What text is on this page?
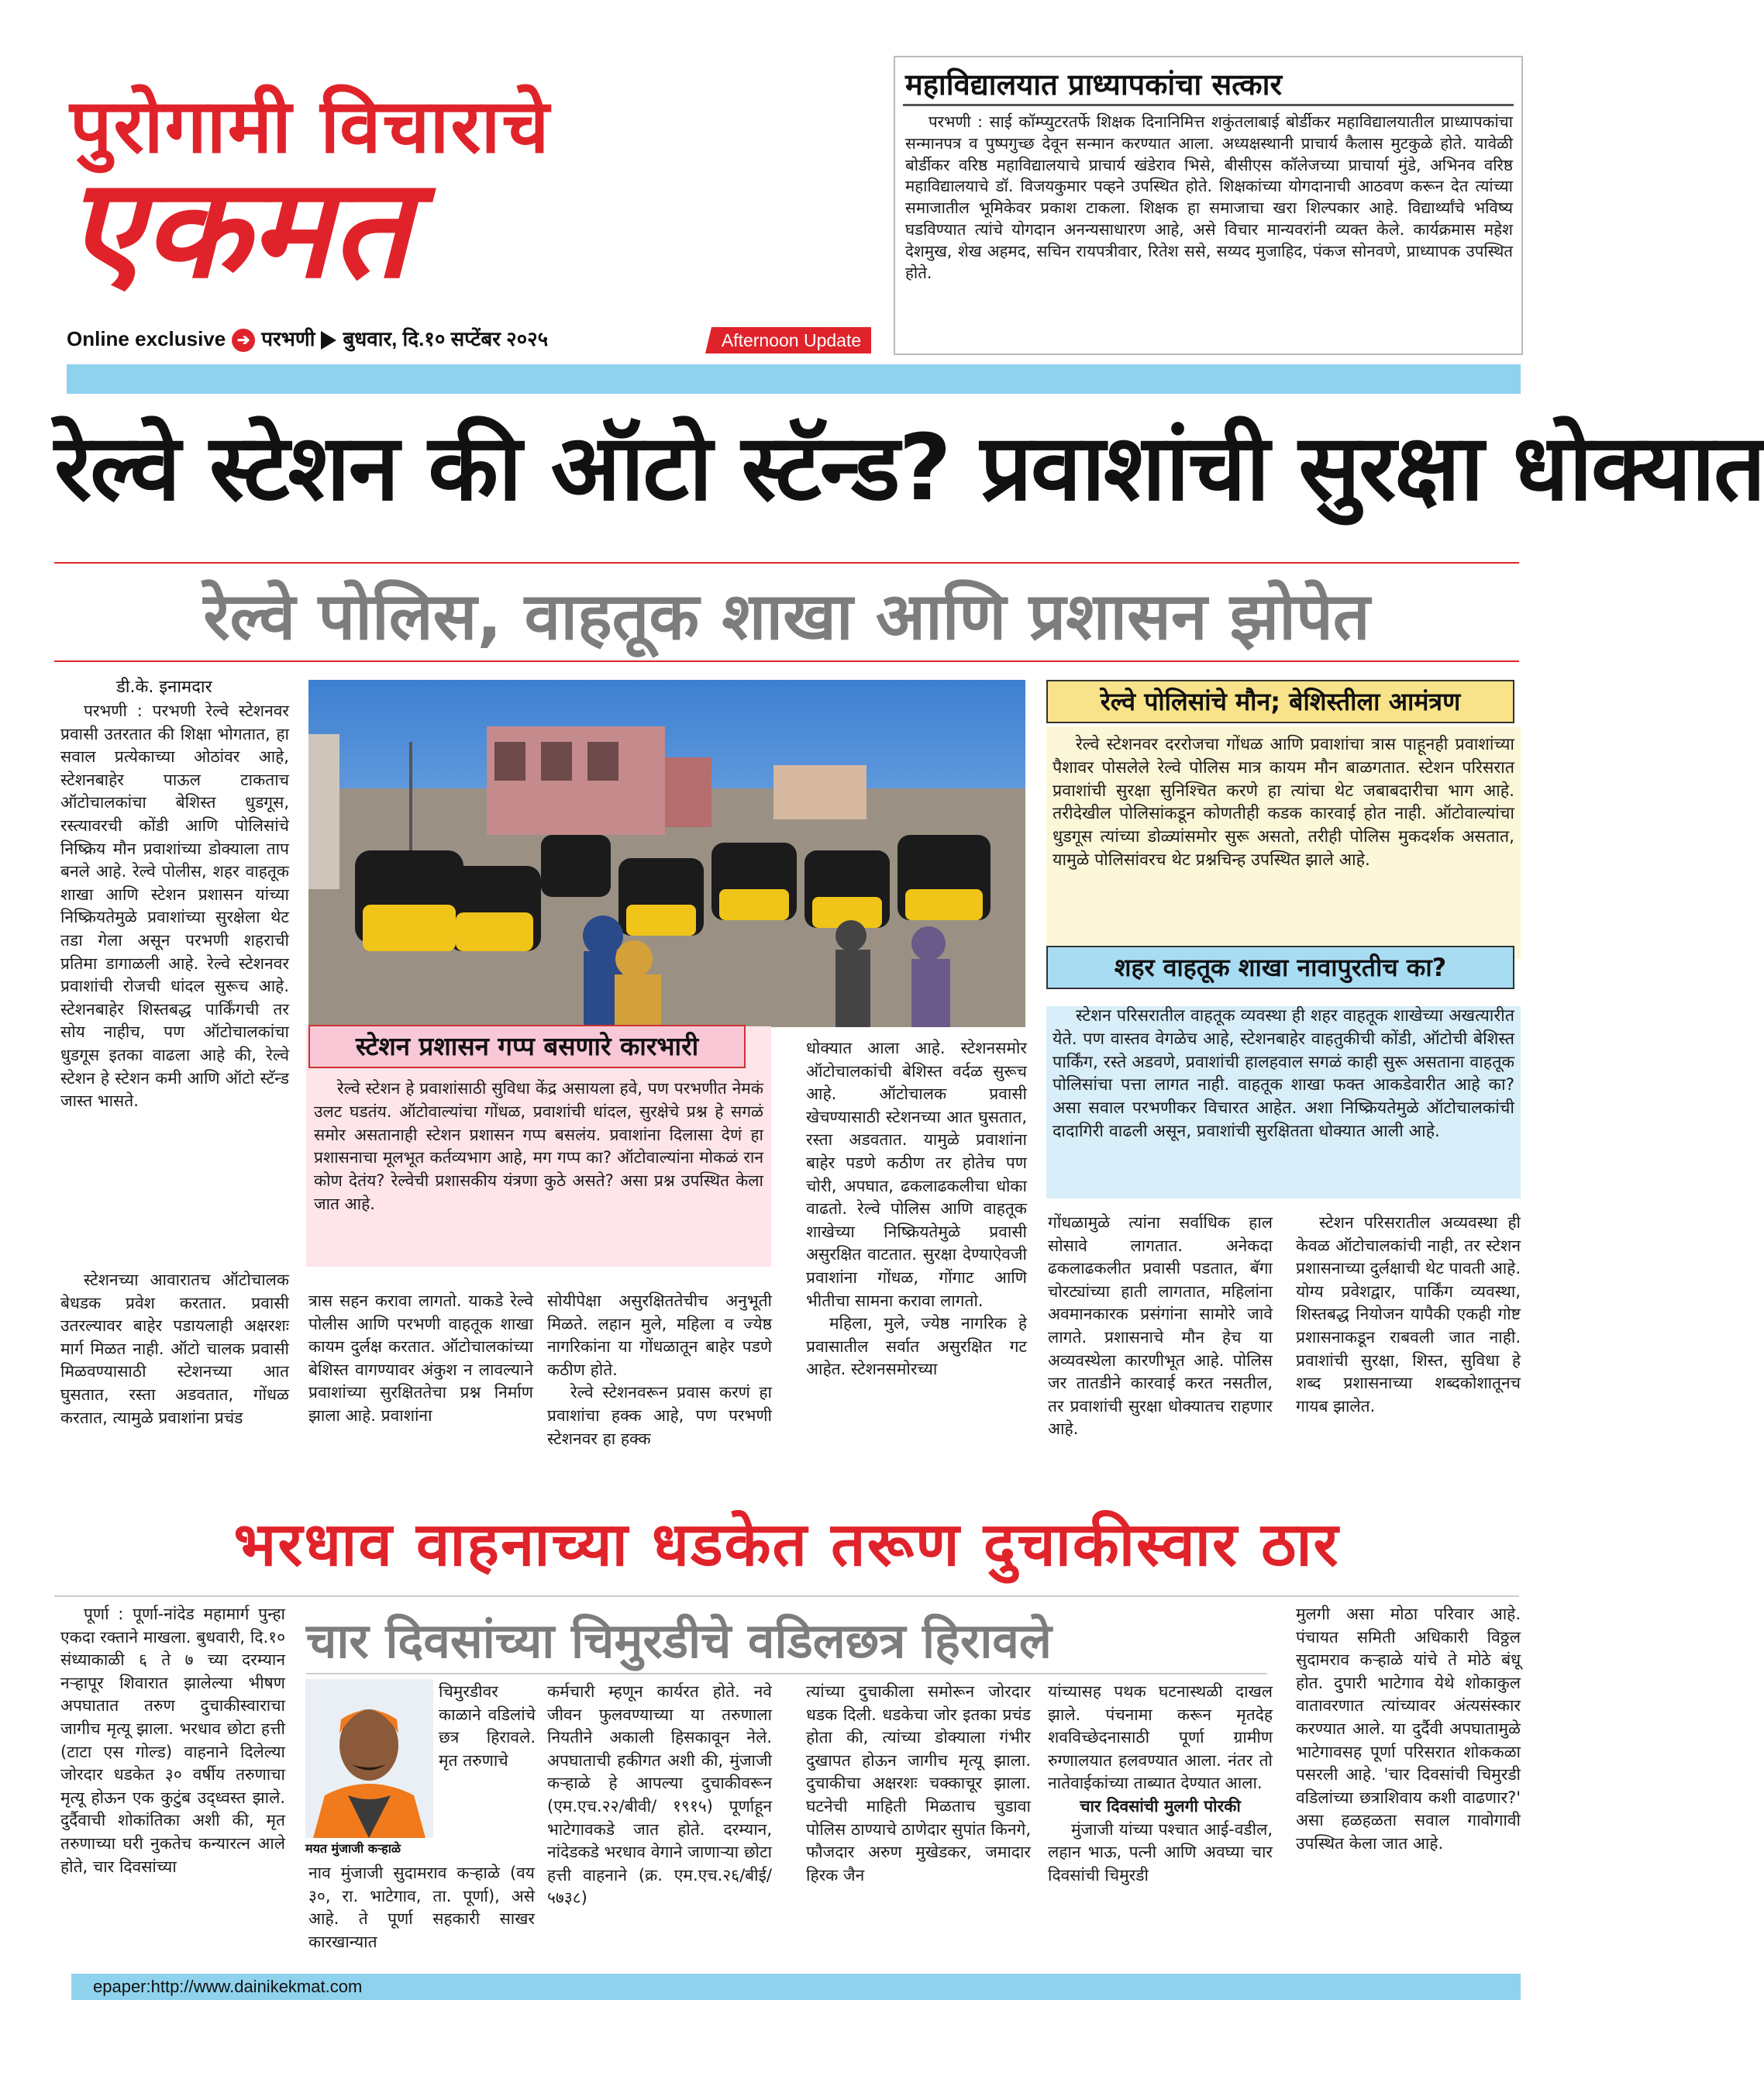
पुरोगामी विचाराचे
एकमत
Online exclusive ➔ परभणी बुधवार, दि.१० सप्टेंबर २०२५	Afternoon Update
महाविद्यालयात प्राध्यापकांचा सत्कार

परभणी : साई कॉम्प्युटरतर्फे शिक्षक दिनानिमित्त शकुंतलाबाई बोर्डीकर महाविद्यालयातील प्राध्यापकांचा सन्मानपत्र व पुष्पगुच्छ देवून सन्मान करण्यात आला. अध्यक्षस्थानी प्राचार्य कैलास मुटकुळे होते. यावेळी बोर्डीकर वरिष्ठ महाविद्यालयाचे प्राचार्य खंडेराव भिसे, बीसीएस कॉलेजच्या प्राचार्या मुंडे, अभिनव वरिष्ठ महाविद्यालयाचे डॉ. विजयकुमार पव्हने उपस्थित होते. शिक्षकांच्या योगदानाची आठवण करून देत त्यांच्या समाजातील भूमिकेवर प्रकाश टाकला. शिक्षक हा समाजाचा खरा शिल्पकार आहे. विद्यार्थ्यांचे भविष्य घडविण्यात त्यांचे योगदान अनन्यसाधारण आहे, असे विचार मान्यवरांनी व्यक्त केले. कार्यक्रमास महेश देशमुख, शेख अहमद, सचिन रायपत्रीवार, रितेश ससे, सय्यद मुजाहिद, पंकज सोनवणे, प्राध्यापक उपस्थित होते.

रेल्वे स्टेशन की ऑटो स्टॅन्ड? प्रवाशांची सुरक्षा धोक्यात
रेल्वे पोलिस, वाहतूक शाखा आणि प्रशासन झोपेत
डी.के. इनामदार

परभणी : परभणी रेल्वे स्टेशनवर प्रवासी उतरतात की शिक्षा भोगतात, हा सवाल प्रत्येकाच्या ओठांवर आहे, स्टेशनबाहेर पाऊल टाकताच ऑटोचालकांचा बेशिस्त धुडगूस, रस्त्यावरची कोंडी आणि पोलिसांचे निष्क्रिय मौन प्रवाशांच्या डोक्याला ताप बनले आहे. रेल्वे पोलीस, शहर वाहतूक शाखा आणि स्टेशन प्रशासन यांच्या निष्क्रियतेमुळे प्रवाशांच्या सुरक्षेला थेट तडा गेला असून परभणी शहराची प्रतिमा डागाळली आहे. रेल्वे स्टेशनवर प्रवाशांची रोजची धांदल सुरूच आहे. स्टेशनबाहेर शिस्तबद्ध पार्किंगची तर सोय नाहीच, पण ऑटोचालकांचा धुडगूस इतका वाढला आहे की, रेल्वे स्टेशन हे स्टेशन कमी आणि ऑटो स्टॅन्ड जास्त भासते.

स्टेशनच्या आवारातच ऑटोचालक बेधडक प्रवेश करतात. प्रवासी उतरल्यावर बाहेर पडायलाही अक्षरशः मार्ग मिळत नाही. ऑटो चालक प्रवासी मिळवण्यासाठी स्टेशनच्या आत घुसतात, रस्ता अडवतात, गोंधळ करतात, त्यामुळे प्रवाशांना प्रचंड

स्टेशन प्रशासन गप्प बसणारे कारभारी

रेल्वे स्टेशन हे प्रवाशांसाठी सुविधा केंद्र असायला हवे, पण परभणीत नेमकं उलट घडतंय. ऑटोवाल्यांचा गोंधळ, प्रवाशांची धांदल, सुरक्षेचे प्रश्न हे सगळं समोर असतानाही स्टेशन प्रशासन गप्प बसलंय. प्रवाशांना दिलासा देणं हा प्रशासनाचा मूलभूत कर्तव्यभाग आहे, मग गप्प का? ऑटोवाल्यांना मोकळं रान कोण देतंय? रेल्वेची प्रशासकीय यंत्रणा कुठे असते? असा प्रश्न उपस्थित केला जात आहे.

त्रास सहन करावा लागतो. याकडे रेल्वे पोलीस आणि परभणी वाहतूक शाखा कायम दुर्लक्ष करतात. ऑटोचालकांच्या बेशिस्त वागण्यावर अंकुश न लावल्याने प्रवाशांच्या सुरक्षिततेचा प्रश्न निर्माण झाला आहे. प्रवाशांना

सोयीपेक्षा असुरक्षिततेचीच अनुभूती मिळते. लहान मुले, महिला व ज्येष्ठ नागरिकांना या गोंधळातून बाहेर पडणे कठीण होते.

रेल्वे स्टेशनवरून प्रवास करणं हा प्रवाशांचा हक्क आहे, पण परभणी स्टेशनवर हा हक्क

धोक्यात आला आहे. स्टेशनसमोर ऑटोचालकांची बेशिस्त वर्दळ सुरूच आहे. ऑटोचालक प्रवासी खेचण्यासाठी स्टेशनच्या आत घुसतात, रस्ता अडवतात. यामुळे प्रवाशांना बाहेर पडणे कठीण तर होतेच पण चोरी, अपघात, ढकलाढकलीचा धोका वाढतो. रेल्वे पोलिस आणि वाहतूक शाखेच्या निष्क्रियतेमुळे प्रवासी असुरक्षित वाटतात. सुरक्षा देण्याऐवजी प्रवाशांना गोंधळ, गोंगाट आणि भीतीचा सामना करावा लागतो.

महिला, मुले, ज्येष्ठ नागरिक हे प्रवासातील सर्वात असुरक्षित गट आहेत. स्टेशनसमोरच्या

रेल्वे पोलिसांचे मौन; बेशिस्तीला आमंत्रण

रेल्वे स्टेशनवर दररोजचा गोंधळ आणि प्रवाशांचा त्रास पाहूनही प्रवाशांच्या पैशावर पोसलेले रेल्वे पोलिस मात्र कायम मौन बाळगतात. स्टेशन परिसरात प्रवाशांची सुरक्षा सुनिश्चित करणे हा त्यांचा थेट जबाबदारीचा भाग आहे. तरीदेखील पोलिसांकडून कोणतीही कडक कारवाई होत नाही. ऑटोवाल्यांचा धुडगूस त्यांच्या डोळ्यांसमोर सुरू असतो, तरीही पोलिस मुकदर्शक असतात, यामुळे पोलिसांवरच थेट प्रश्नचिन्ह उपस्थित झाले आहे.

शहर वाहतूक शाखा नावापुरतीच का?

स्टेशन परिसरातील वाहतूक व्यवस्था ही शहर वाहतूक शाखेच्या अखत्यारीत येते. पण वास्तव वेगळेच आहे, स्टेशनबाहेर वाहतुकीची कोंडी, ऑटोची बेशिस्त पार्किंग, रस्ते अडवणे, प्रवाशांची हालहवाल सगळं काही सुरू असताना वाहतूक पोलिसांचा पत्ता लागत नाही. वाहतूक शाखा फक्त आकडेवारीत आहे का? असा सवाल परभणीकर विचारत आहेत. अशा निष्क्रियतेमुळे ऑटोचालकांची दादागिरी वाढली असून, प्रवाशांची सुरक्षितता धोक्यात आली आहे.

गोंधळामुळे त्यांना सर्वाधिक हाल सोसावे लागतात. अनेकदा ढकलाढकलीत प्रवासी पडतात, बॅगा चोरट्यांच्या हाती लागतात, महिलांना अवमानकारक प्रसंगांना सामोरे जावे लागते. प्रशासनाचे मौन हेच या अव्यवस्थेला कारणीभूत आहे. पोलिस जर तातडीने कारवाई करत नसतील, तर प्रवाशांची सुरक्षा धोक्यातच राहणार आहे.

स्टेशन परिसरातील अव्यवस्था ही केवळ ऑटोचालकांची नाही, तर स्टेशन प्रशासनाच्या दुर्लक्षाची थेट पावती आहे. योग्य प्रवेशद्वार, पार्किंग व्यवस्था, शिस्तबद्ध नियोजन यापैकी एकही गोष्ट प्रशासनाकडून राबवली जात नाही. प्रवाशांची सुरक्षा, शिस्त, सुविधा हे शब्द प्रशासनाच्या शब्दकोशातूनच गायब झालेत.

भरधाव वाहनाच्या धडकेत तरूण दुचाकीस्वार ठार
चार दिवसांच्या चिमुरडीचे वडिलछत्र हिरावले

पूर्णा : पूर्णा-नांदेड महामार्ग पुन्हा एकदा रक्ताने माखला. बुधवारी, दि.१० संध्याकाळी ६ ते ७ च्या दरम्यान नऱ्हापूर शिवारात झालेल्या भीषण अपघातात तरुण दुचाकीस्वाराचा जागीच मृत्यू झाला. भरधाव छोटा हत्ती (टाटा एस गोल्ड) वाहनाने दिलेल्या जोरदार धडकेत ३० वर्षीय तरुणाचा मृत्यू होऊन एक कुटुंब उद्ध्वस्त झाले. दुर्दैवाची शोकांतिका अशी की, मृत तरुणाच्या घरी नुकतेच कन्यारत्न आले होते, चार दिवसांच्या

मयत मुंजाजी कऱ्हाळे

चिमुरडीवर काळाने वडिलांचे छत्र हिरावले. मृत तरुणाचे

नाव मुंजाजी सुदामराव कऱ्हाळे (वय ३०, रा. भाटेगाव, ता. पूर्णा), असे आहे. ते पूर्णा सहकारी साखर कारखान्यात

कर्मचारी म्हणून कार्यरत होते. नवे जीवन फुलवण्याच्या या तरुणाला नियतीने अकाली हिसकावून नेले. अपघाताची हकीगत अशी की, मुंजाजी कऱ्हाळे हे आपल्या दुचाकीवरून (एम.एच.२२/बीवी/ १९१५) पूर्णाहून भाटेगावकडे जात होते. दरम्यान, नांदेडकडे भरधाव वेगाने जाणाऱ्या छोटा हत्ती वाहनाने (क्र. एम.एच.२६/बीई/५७३८)

त्यांच्या दुचाकीला समोरून जोरदार धडक दिली. धडकेचा जोर इतका प्रचंड होता की, त्यांच्या डोक्याला गंभीर दुखापत होऊन जागीच मृत्यू झाला. दुचाकीचा अक्षरशः चक्काचूर झाला. घटनेची माहिती मिळताच चुडावा पोलिस ठाण्याचे ठाणेदार सुपांत किनगे, फौजदार अरुण मुखेडकर, जमादार हिरक जैन

यांच्यासह पथक घटनास्थळी दाखल झाले. पंचनामा करून मृतदेह शवविच्छेदनासाठी पूर्णा ग्रामीण रुग्णालयात हलवण्यात आला. नंतर तो नातेवाईकांच्या ताब्यात देण्यात आला.

चार दिवसांची मुलगी पोरकी

मुंजाजी यांच्या पश्चात आई-वडील, लहान भाऊ, पत्नी आणि अवघ्या चार दिवसांची चिमुरडी

मुलगी असा मोठा परिवार आहे. पंचायत समिती अधिकारी विठ्ठल सुदामराव कऱ्हाळे यांचे ते मोठे बंधू होत. दुपारी भाटेगाव येथे शोकाकुल वातावरणात त्यांच्यावर अंत्यसंस्कार करण्यात आले. या दुर्दैवी अपघातामुळे भाटेगावसह पूर्णा परिसरात शोककळा पसरली आहे. 'चार दिवसांची चिमुरडी वडिलांच्या छत्राशिवाय कशी वाढणार?' असा हळहळता सवाल गावोगावी उपस्थित केला जात आहे.

epaper:http://www.dainikekmat.com
